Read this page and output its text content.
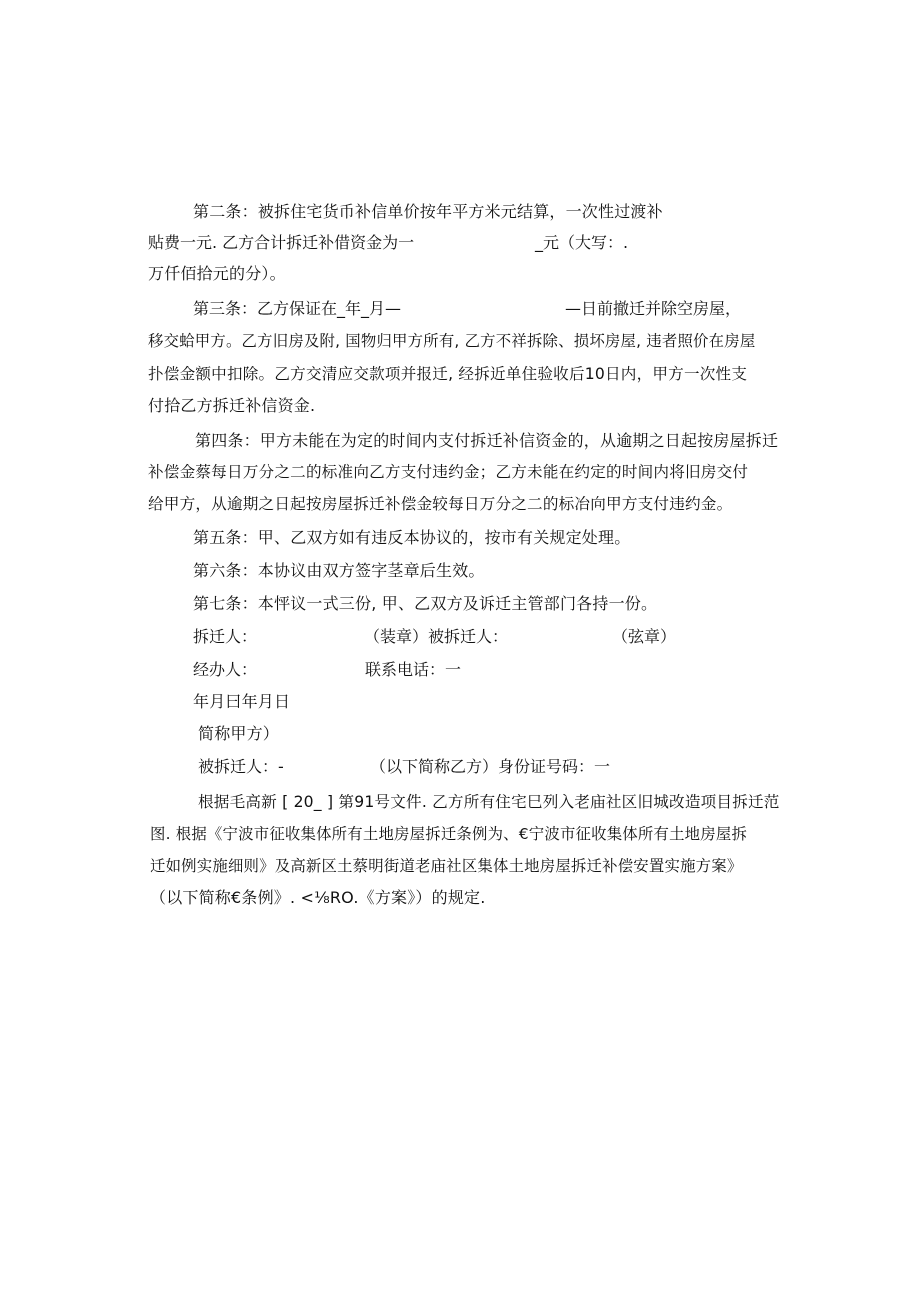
第二条：被拆住宅货币补信单价按年平方米元结算，一次性过渡补
贴费一元. 乙方合计拆迁补借资金为一	_元（大写：.
万仟佰拾元的分）。
第三条：乙方保证在_年_月—	—日前撤迁并除空房屋，
移交蛤甲方。乙方旧房及附, 国物归甲方所有, 乙方不祥拆除、损坏房屋, 违者照价在房屋
扑偿金额中扣除。乙方交清应交款项并报迁, 经拆近单住验收后10日内，甲方一次性支
付拾乙方拆迁补信资金.
第四条：甲方未能在为定的时间内支付拆迁补信资金的，从逾期之日起按房屋拆迁
补偿金蔡每日万分之二的标准向乙方支付违约金；乙方未能在约定的时间内将旧房交付
给甲方，从逾期之日起按房屋拆迁补偿金较每日万分之二的标冶向甲方支付违约金。
第五条：甲、乙双方如有违反本协议的，按市有关规定处理。
第六条：本协议由双方签字茎章后生效。
第七条：本怦议一式三份, 甲、乙双方及诉迁主管部门各持一份。
拆迁人：	（装章）被拆迁人：	（弦章）
经办人：	联系电话：一
年月曰年月日
简称甲方）
被拆迁人：-	（以下简称乙方）身份证号码：一
根据毛高新 [ 20_ ] 第91号文件. 乙方所有住宅巳列入老庙社区旧城改造项目拆迁范
图. 根据《宁波市征收集体所有土地房屋拆迁条例为、€宁波市征收集体所有土地房屋拆
迁如例实施细则》及高新区土蔡明街道老庙社区集体土地房屋拆迁补偿安置实施方案》
（以下简称€条例》. <⅛RO.《方案》）的规定.
